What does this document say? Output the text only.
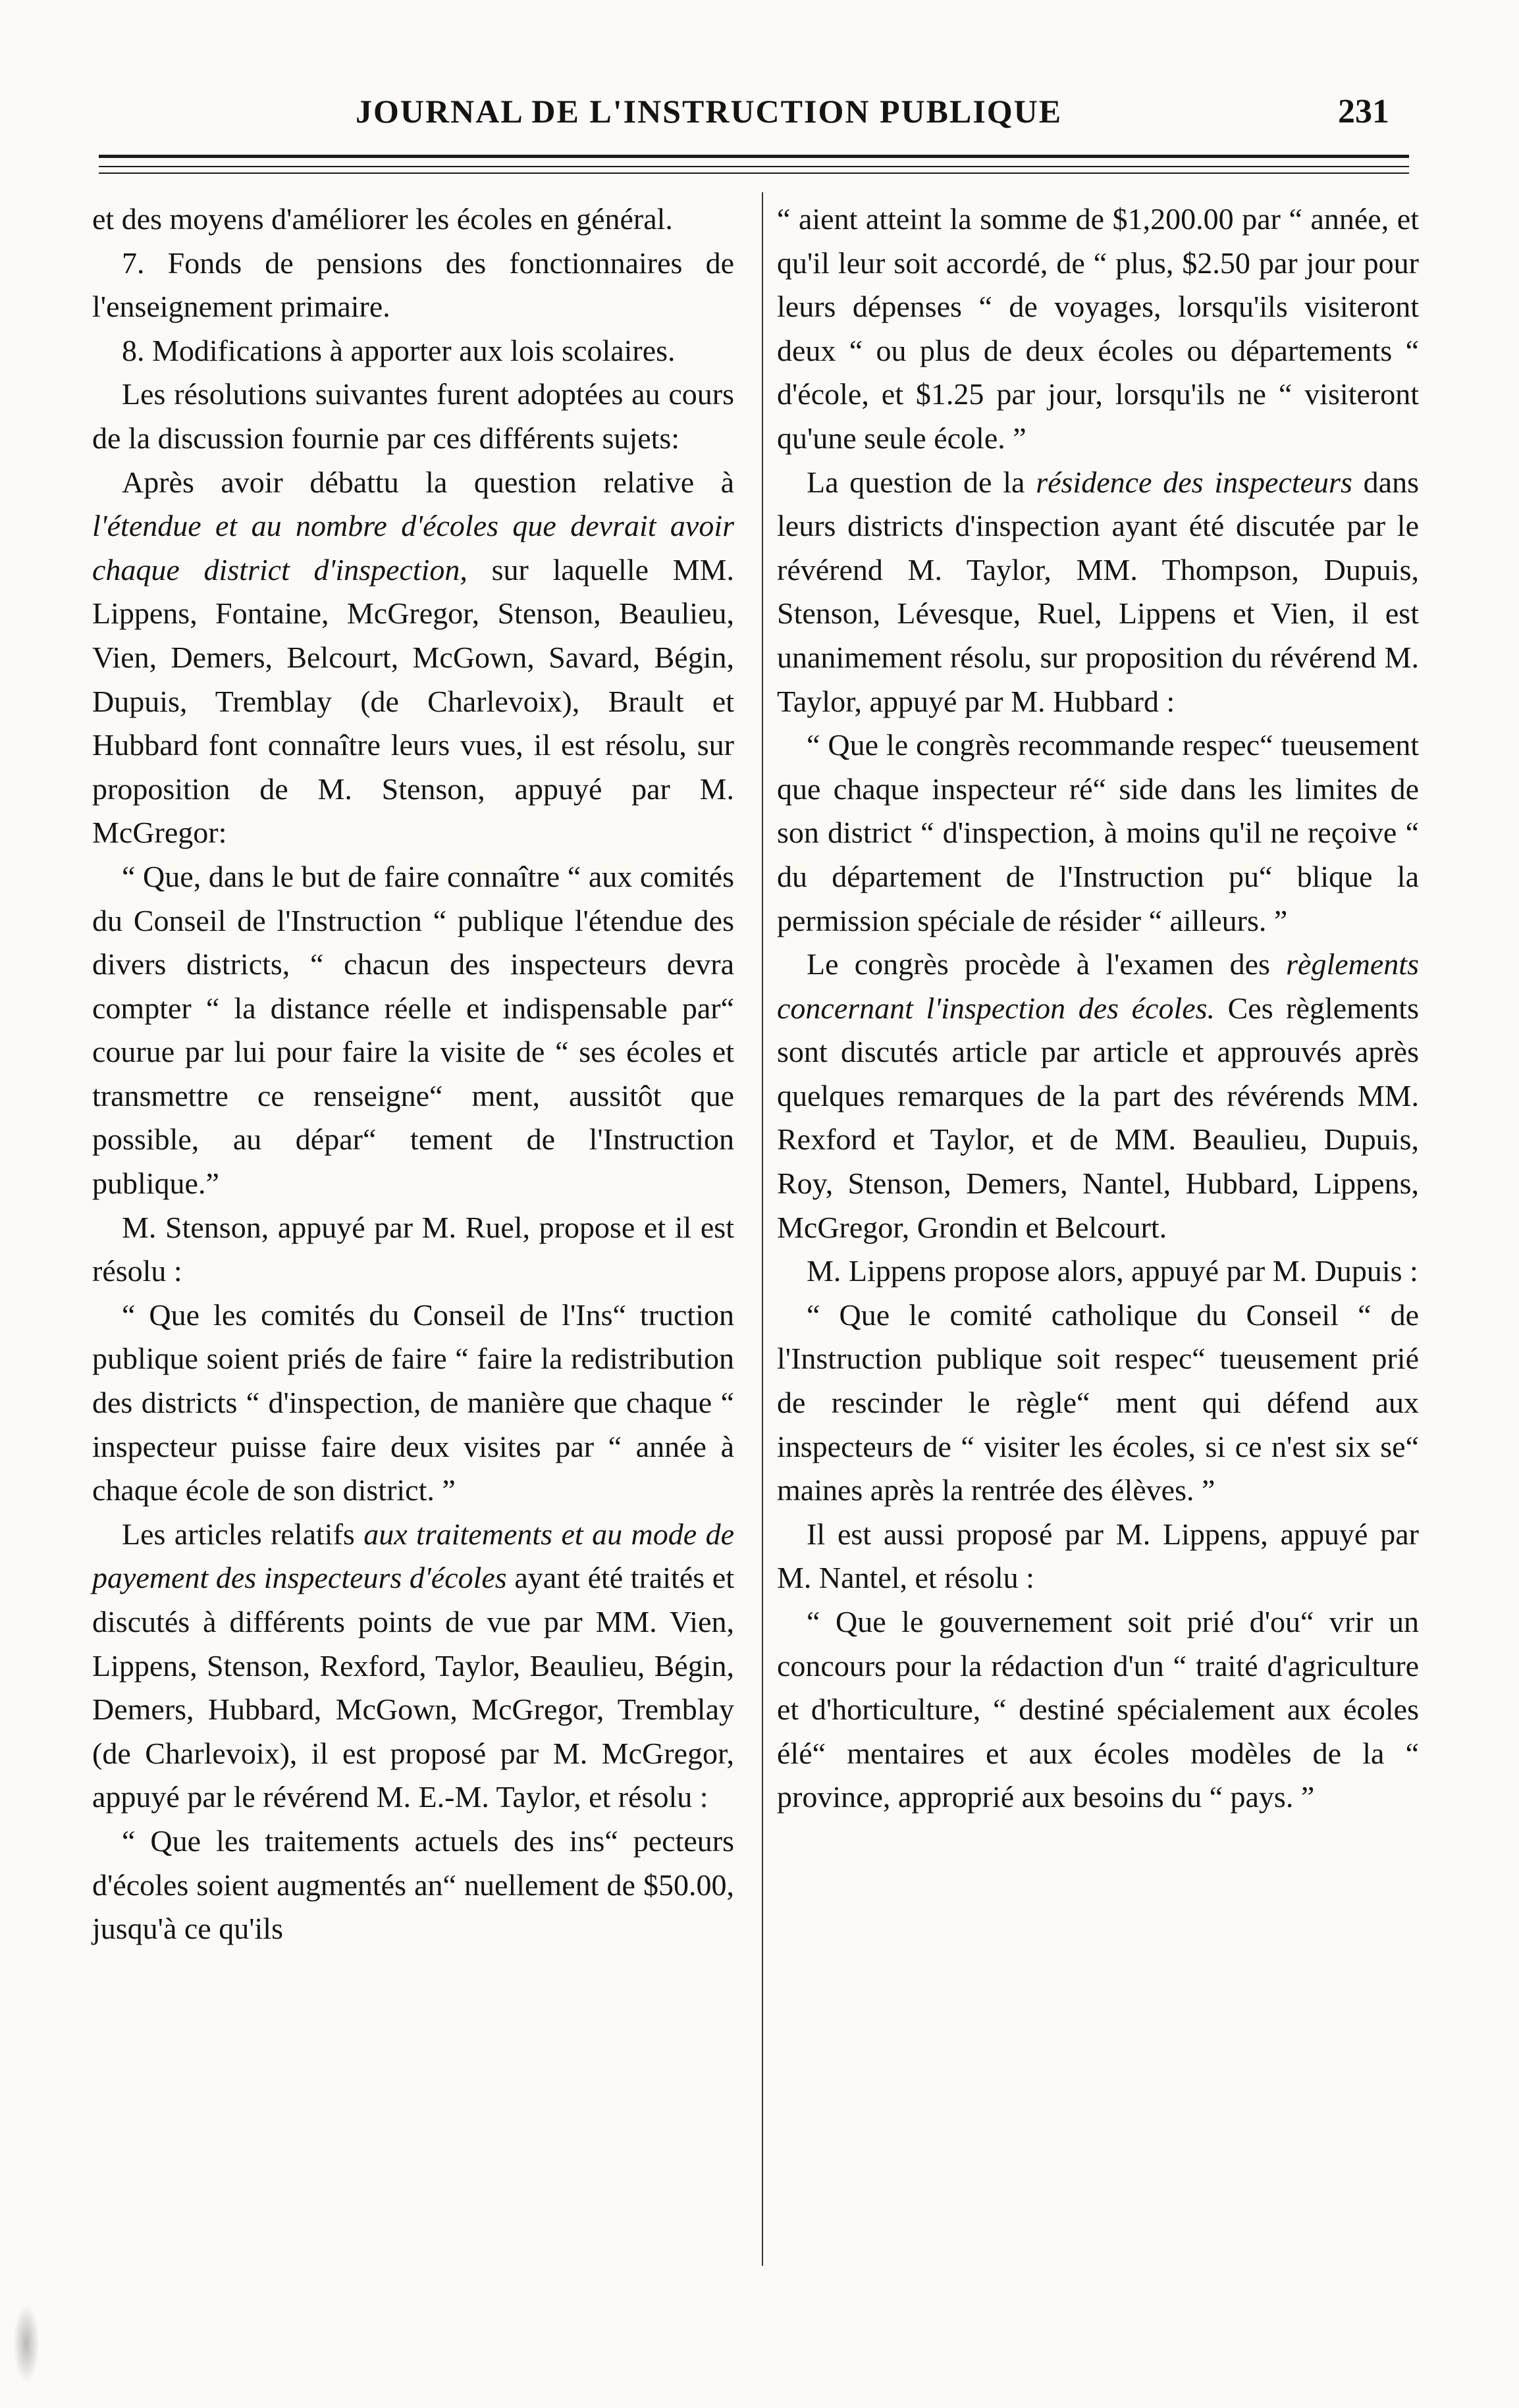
JOURNAL DE L'INSTRUCTION PUBLIQUE	231

et des moyens d'améliorer les écoles en général.

7. Fonds de pensions des fonctionnaires de l'enseignement primaire.

8. Modifications à apporter aux lois scolaires.

Les résolutions suivantes furent adoptées au cours de la discussion fournie par ces différents sujets:

Après avoir débattu la question relative à l'étendue et au nombre d'écoles que devrait avoir chaque district d'inspection, sur laquelle MM. Lippens, Fontaine, McGregor, Stenson, Beaulieu, Vien, Demers, Belcourt, McGown, Savard, Bégin, Dupuis, Tremblay (de Charlevoix), Brault et Hubbard font connaître leurs vues, il est résolu, sur proposition de M. Stenson, appuyé par M. McGregor:

“ Que, dans le but de faire connaître “ aux comités du Conseil de l'Instruction “ publique l'étendue des divers districts, “ chacun des inspecteurs devra compter “ la distance réelle et indispensable par“ courue par lui pour faire la visite de “ ses écoles et transmettre ce renseigne“ ment, aussitôt que possible, au dépar“ tement de l'Instruction publique.”

M. Stenson, appuyé par M. Ruel, propose et il est résolu :

“ Que les comités du Conseil de l'Ins“ truction publique soient priés de faire “ faire la redistribution des districts “ d'inspection, de manière que chaque “ inspecteur puisse faire deux visites par “ année à chaque école de son district. ”

Les articles relatifs aux traitements et au mode de payement des inspecteurs d'écoles ayant été traités et discutés à différents points de vue par MM. Vien, Lippens, Stenson, Rexford, Taylor, Beaulieu, Bégin, Demers, Hubbard, McGown, McGregor, Tremblay (de Charlevoix), il est proposé par M. McGregor, appuyé par le révérend M. E.-M. Taylor, et résolu :

“ Que les traitements actuels des ins“ pecteurs d'écoles soient augmentés an“ nuellement de $50.00, jusqu'à ce qu'ils

“ aient atteint la somme de $1,200.00 par “ année, et qu'il leur soit accordé, de “ plus, $2.50 par jour pour leurs dépenses “ de voyages, lorsqu'ils visiteront deux “ ou plus de deux écoles ou départements “ d'école, et $1.25 par jour, lorsqu'ils ne “ visiteront qu'une seule école. ”

La question de la résidence des inspecteurs dans leurs districts d'inspection ayant été discutée par le révérend M. Taylor, MM. Thompson, Dupuis, Stenson, Lévesque, Ruel, Lippens et Vien, il est unanimement résolu, sur proposition du révérend M. Taylor, appuyé par M. Hubbard :

“ Que le congrès recommande respec“ tueusement que chaque inspecteur ré“ side dans les limites de son district “ d'inspection, à moins qu'il ne reçoive “ du département de l'Instruction pu“ blique la permission spéciale de résider “ ailleurs. ”

Le congrès procède à l'examen des règlements concernant l'inspection des écoles. Ces règlements sont discutés article par article et approuvés après quelques remarques de la part des révérends MM. Rexford et Taylor, et de MM. Beaulieu, Dupuis, Roy, Stenson, Demers, Nantel, Hubbard, Lippens, McGregor, Grondin et Belcourt.

M. Lippens propose alors, appuyé par M. Dupuis :

“ Que le comité catholique du Conseil “ de l'Instruction publique soit respec“ tueusement prié de rescinder le règle“ ment qui défend aux inspecteurs de “ visiter les écoles, si ce n'est six se“ maines après la rentrée des élèves. ”

Il est aussi proposé par M. Lippens, appuyé par M. Nantel, et résolu :

“ Que le gouvernement soit prié d'ou“ vrir un concours pour la rédaction d'un “ traité d'agriculture et d'horticulture, “ destiné spécialement aux écoles élé“ mentaires et aux écoles modèles de la “ province, approprié aux besoins du “ pays. ”
